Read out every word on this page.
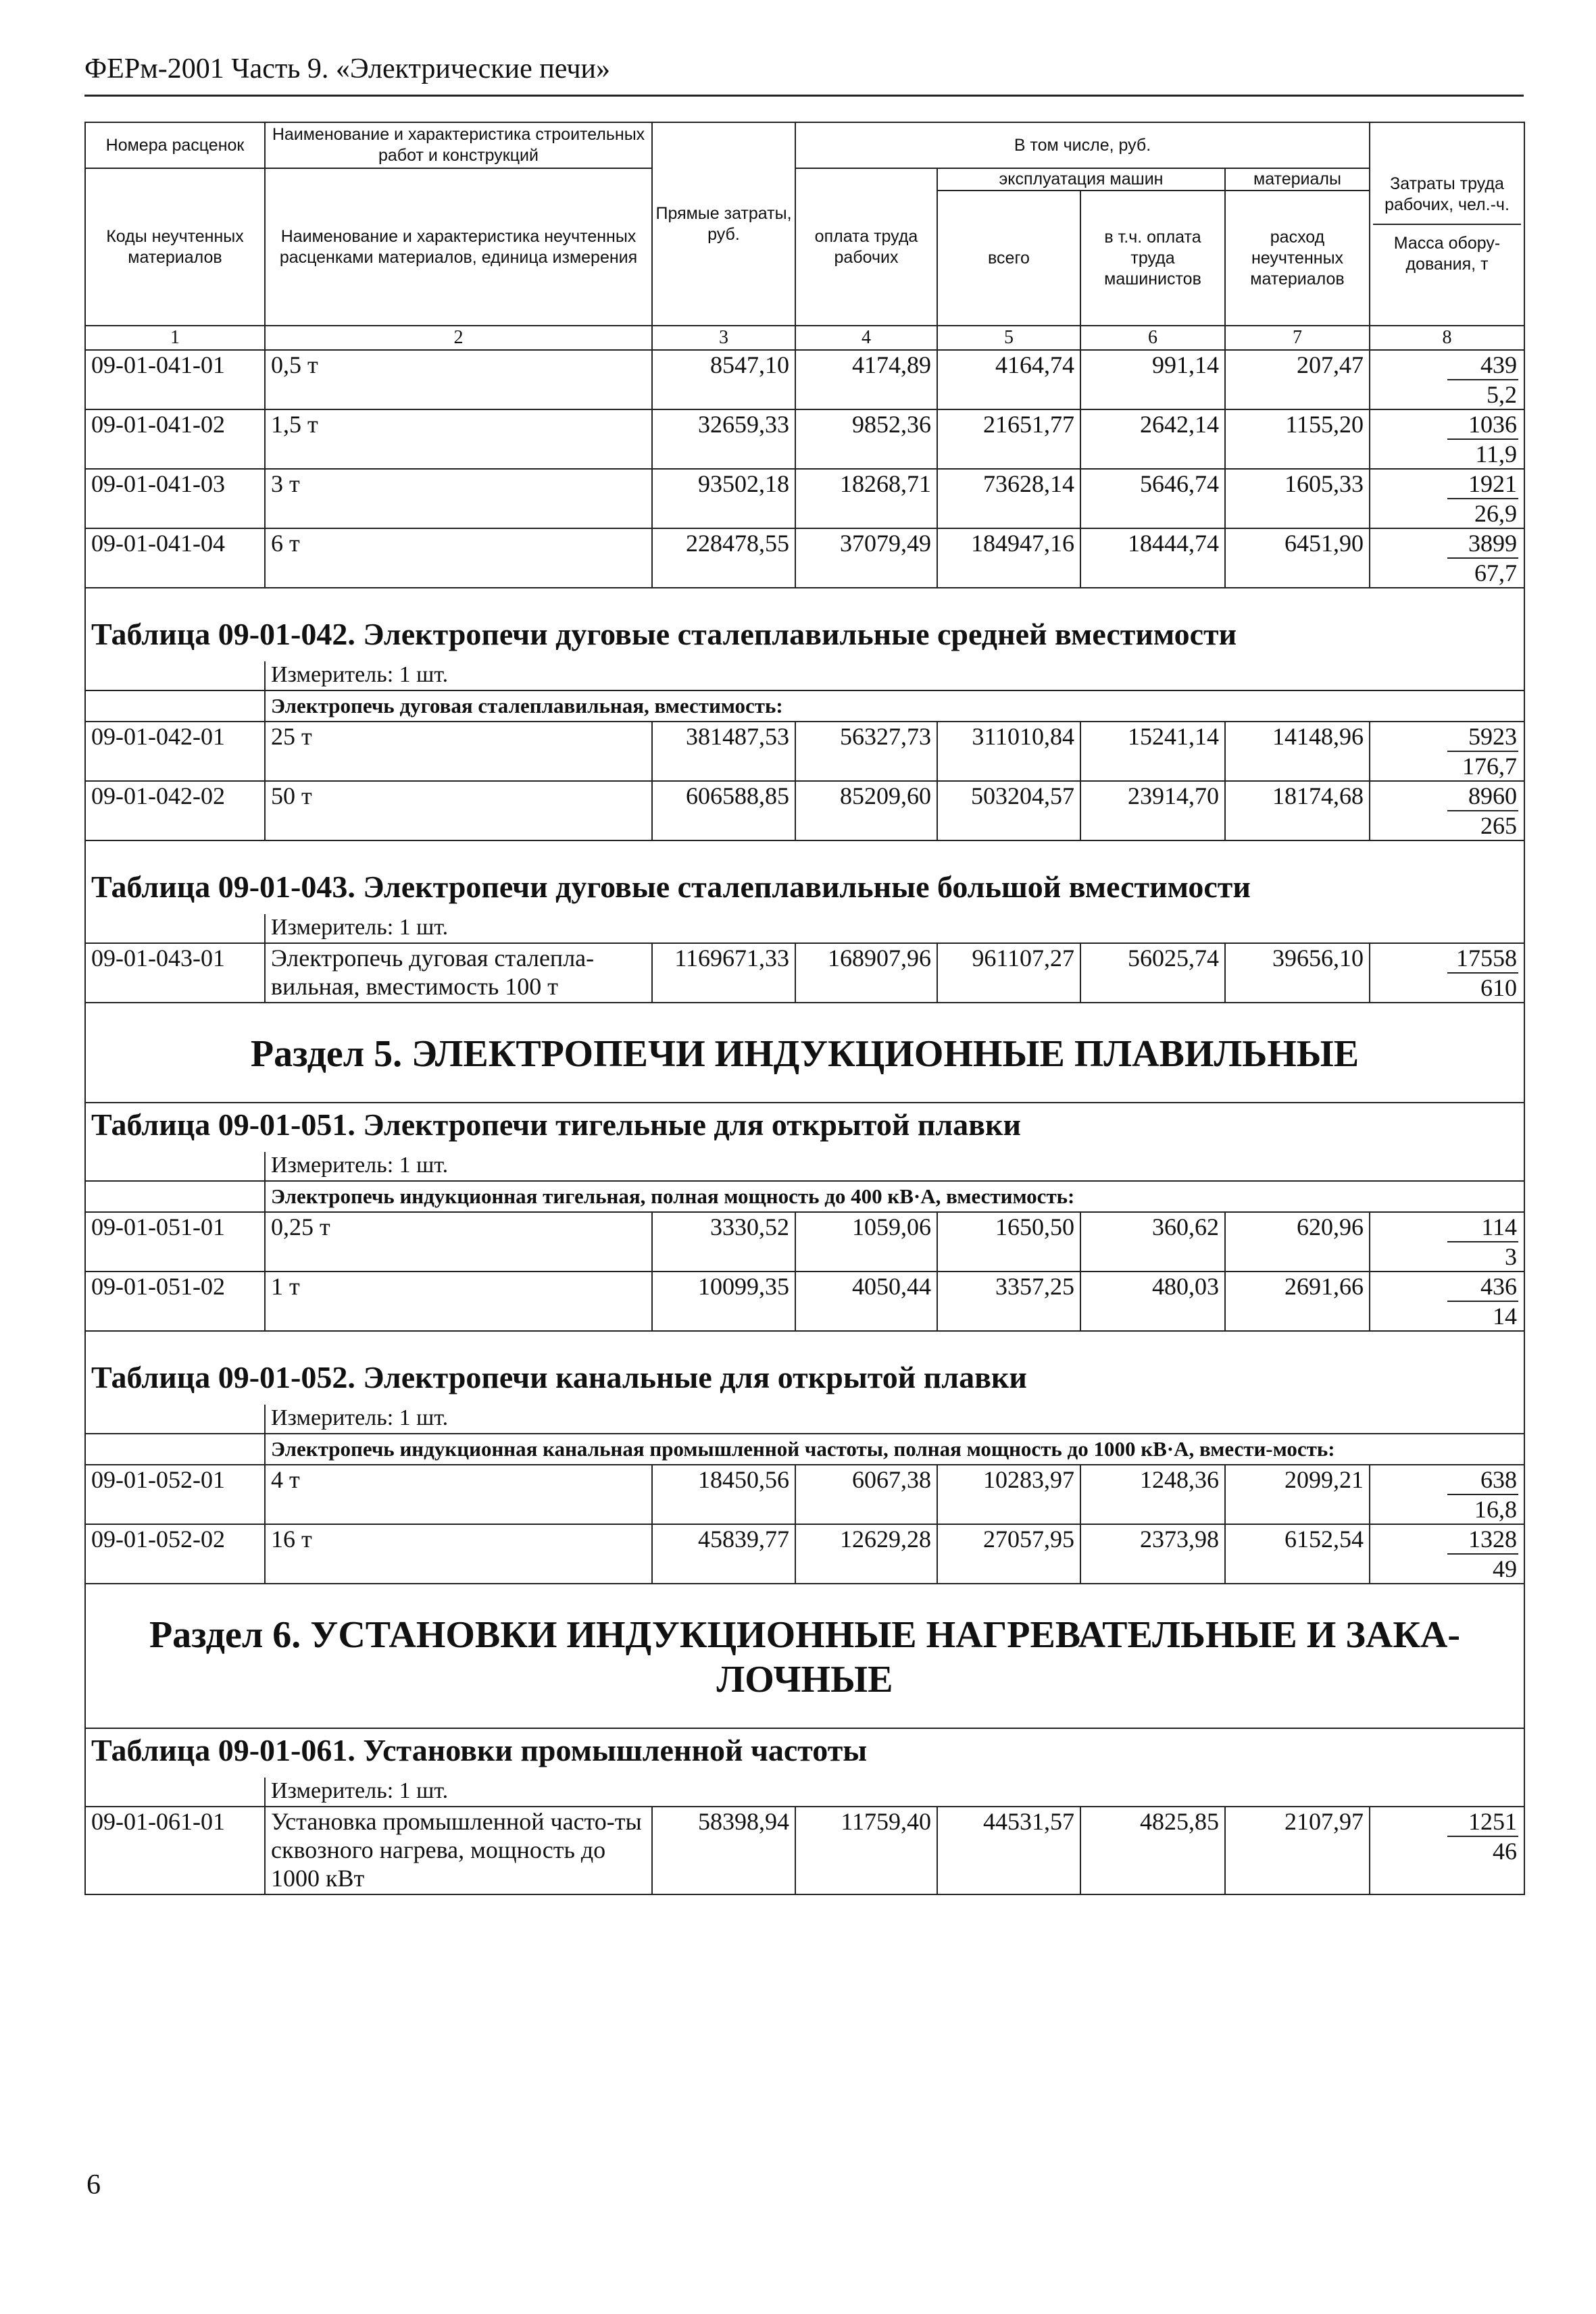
ФЕРм-2001 Часть 9. «Электрические печи»
Номера расценок	Наименование и характеристика строительных работ и конструкций	Прямые затраты, руб.	В том числе, руб.				Затраты труда рабочих, чел.-ч.
Масса обору-дования, т

Коды неучтенных материалов	Наименование и характеристика неучтенных расценками материалов, единица измерения		оплата труда рабочих	эксплуатация машин		материалы	
				всего	в т.ч. оплата труда машинистов	расход неучтенных материалов	
1	2	3	4	5	6	7	8
09-01-041-01	0,5 т	8547,10	4174,89	4164,74	991,14	207,47	439
5,2

09-01-041-02	1,5 т	32659,33	9852,36	21651,77	2642,14	1155,20	1036
11,9

09-01-041-03	3 т	93502,18	18268,71	73628,14	5646,74	1605,33	1921
26,9

09-01-041-04	6 т	228478,55	37079,49	184947,16	18444,74	6451,90	3899
67,7

Таблица 09-01-042. Электропечи дуговые сталеплавильные средней вместимости							
	Измеритель: 1 шт.						
	Электропечь дуговая сталеплавильная, вместимость:						
09-01-042-01	25 т	381487,53	56327,73	311010,84	15241,14	14148,96	5923
176,7

09-01-042-02	50 т	606588,85	85209,60	503204,57	23914,70	18174,68	8960
265

Таблица 09-01-043. Электропечи дуговые сталеплавильные большой вместимости							
	Измеритель: 1 шт.						
09-01-043-01	Электропечь дуговая сталепла-вильная, вместимость 100 т	1169671,33	168907,96	961107,27	56025,74	39656,10	17558
610

Раздел 5. ЭЛЕКТРОПЕЧИ ИНДУКЦИОННЫЕ ПЛАВИЛЬНЫЕ							
Таблица 09-01-051. Электропечи тигельные для открытой плавки							
	Измеритель: 1 шт.						
	Электропечь индукционная тигельная, полная мощность до 400 кВ·А, вместимость:						
09-01-051-01	0,25 т	3330,52	1059,06	1650,50	360,62	620,96	114
3

09-01-051-02	1 т	10099,35	4050,44	3357,25	480,03	2691,66	436
14

Таблица 09-01-052. Электропечи канальные для открытой плавки							
	Измеритель: 1 шт.						
	Электропечь индукционная канальная промышленной частоты, полная мощность до 1000 кВ·А, вмести-мость:						
09-01-052-01	4 т	18450,56	6067,38	10283,97	1248,36	2099,21	638
16,8

09-01-052-02	16 т	45839,77	12629,28	27057,95	2373,98	6152,54	1328
49

Раздел 6. УСТАНОВКИ ИНДУКЦИОННЫЕ НАГРЕВАТЕЛЬНЫЕ И ЗАКА-ЛОЧНЫЕ							
Таблица 09-01-061. Установки промышленной частоты							
	Измеритель: 1 шт.						
09-01-061-01	Установка промышленной часто-ты сквозного нагрева, мощность до 1000 кВт	58398,94	11759,40	44531,57	4825,85	2107,97	1251
46
6
